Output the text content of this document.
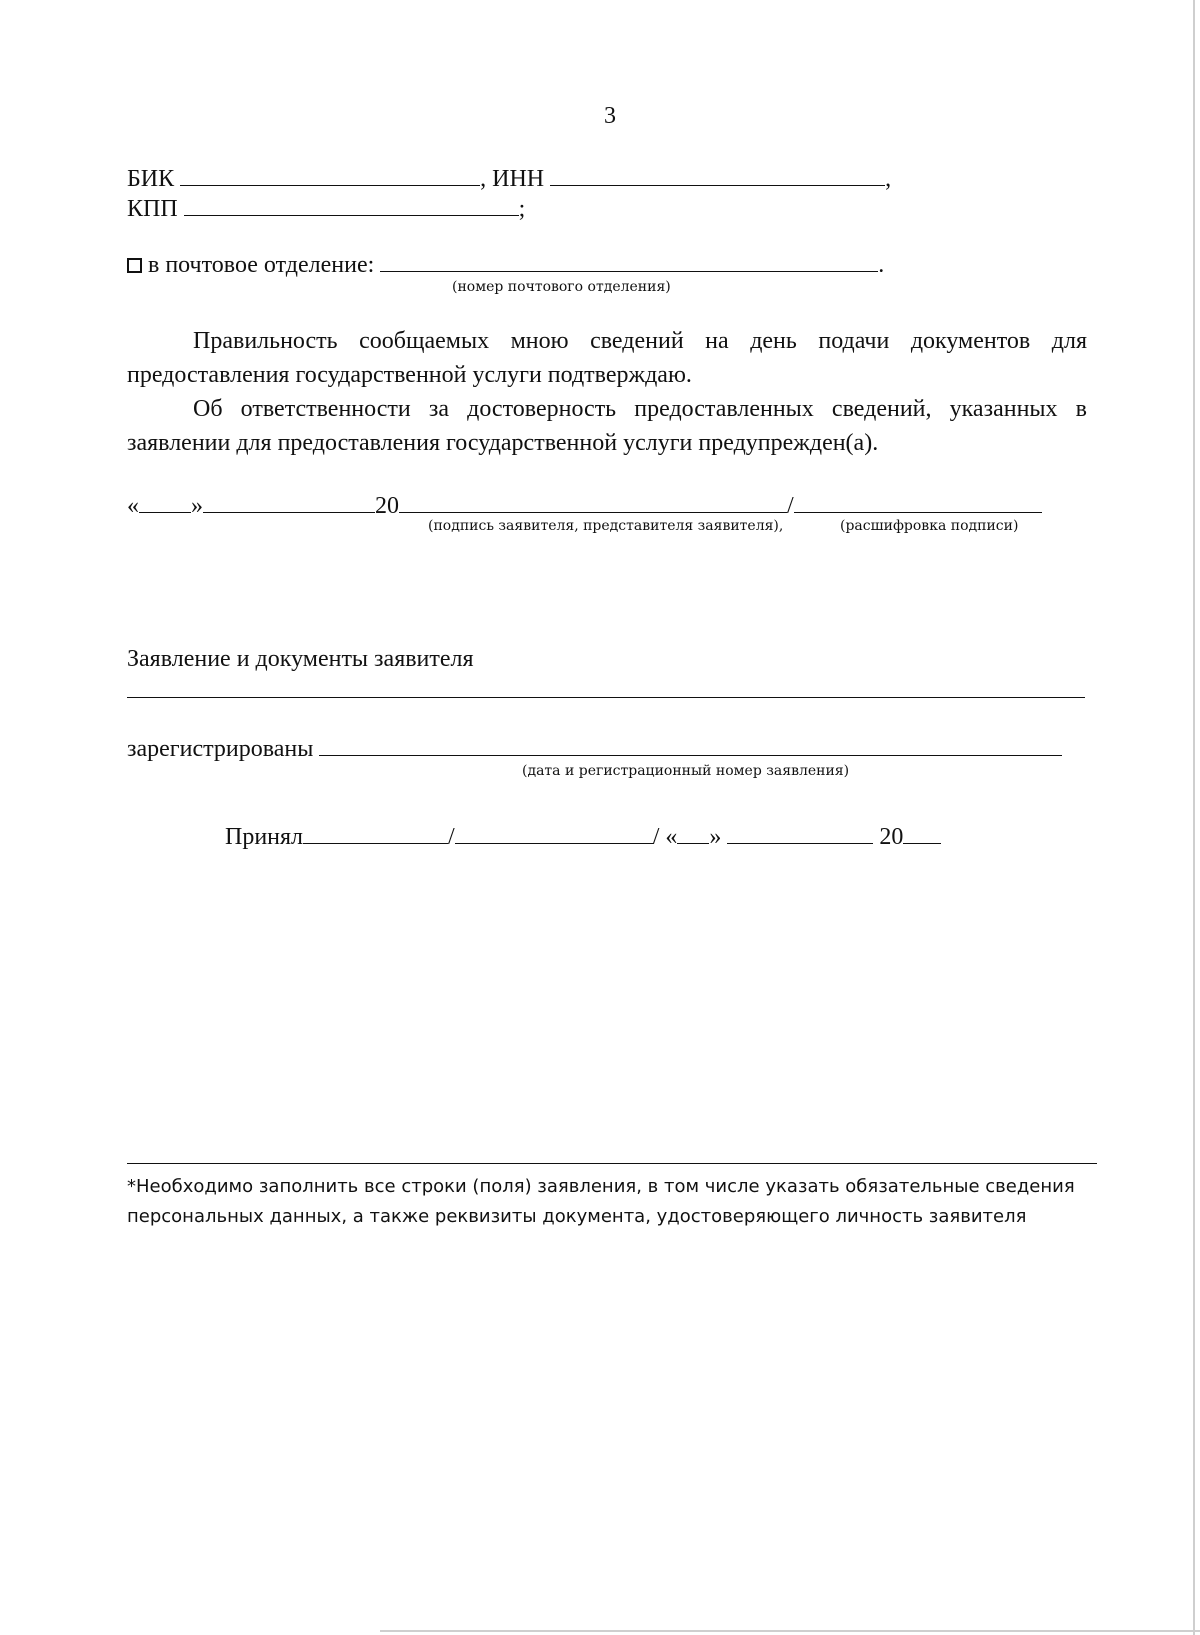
3
БИК	, ИНН	,
КПП	;
в почтовое отделение:	.
(номер почтового отделения)

Правильность сообщаемых мною сведений на день подачи документов для предоставления государственной услуги подтверждаю.

Об ответственности за достоверность предоставленных сведений, указанных в заявлении для предоставления государственной услуги предупрежден(а).

« »	20	/
(подпись заявителя, представителя заявителя),	(расшифровка подписи)
Заявление и документы заявителя
зарегистрированы
(дата и регистрационный номер заявления)
Принял	/	/ « »	20
*Необходимо заполнить все строки (поля) заявления, в том числе указать обязательные сведения
персональных данных, а также реквизиты документа, удостоверяющего личность заявителя
